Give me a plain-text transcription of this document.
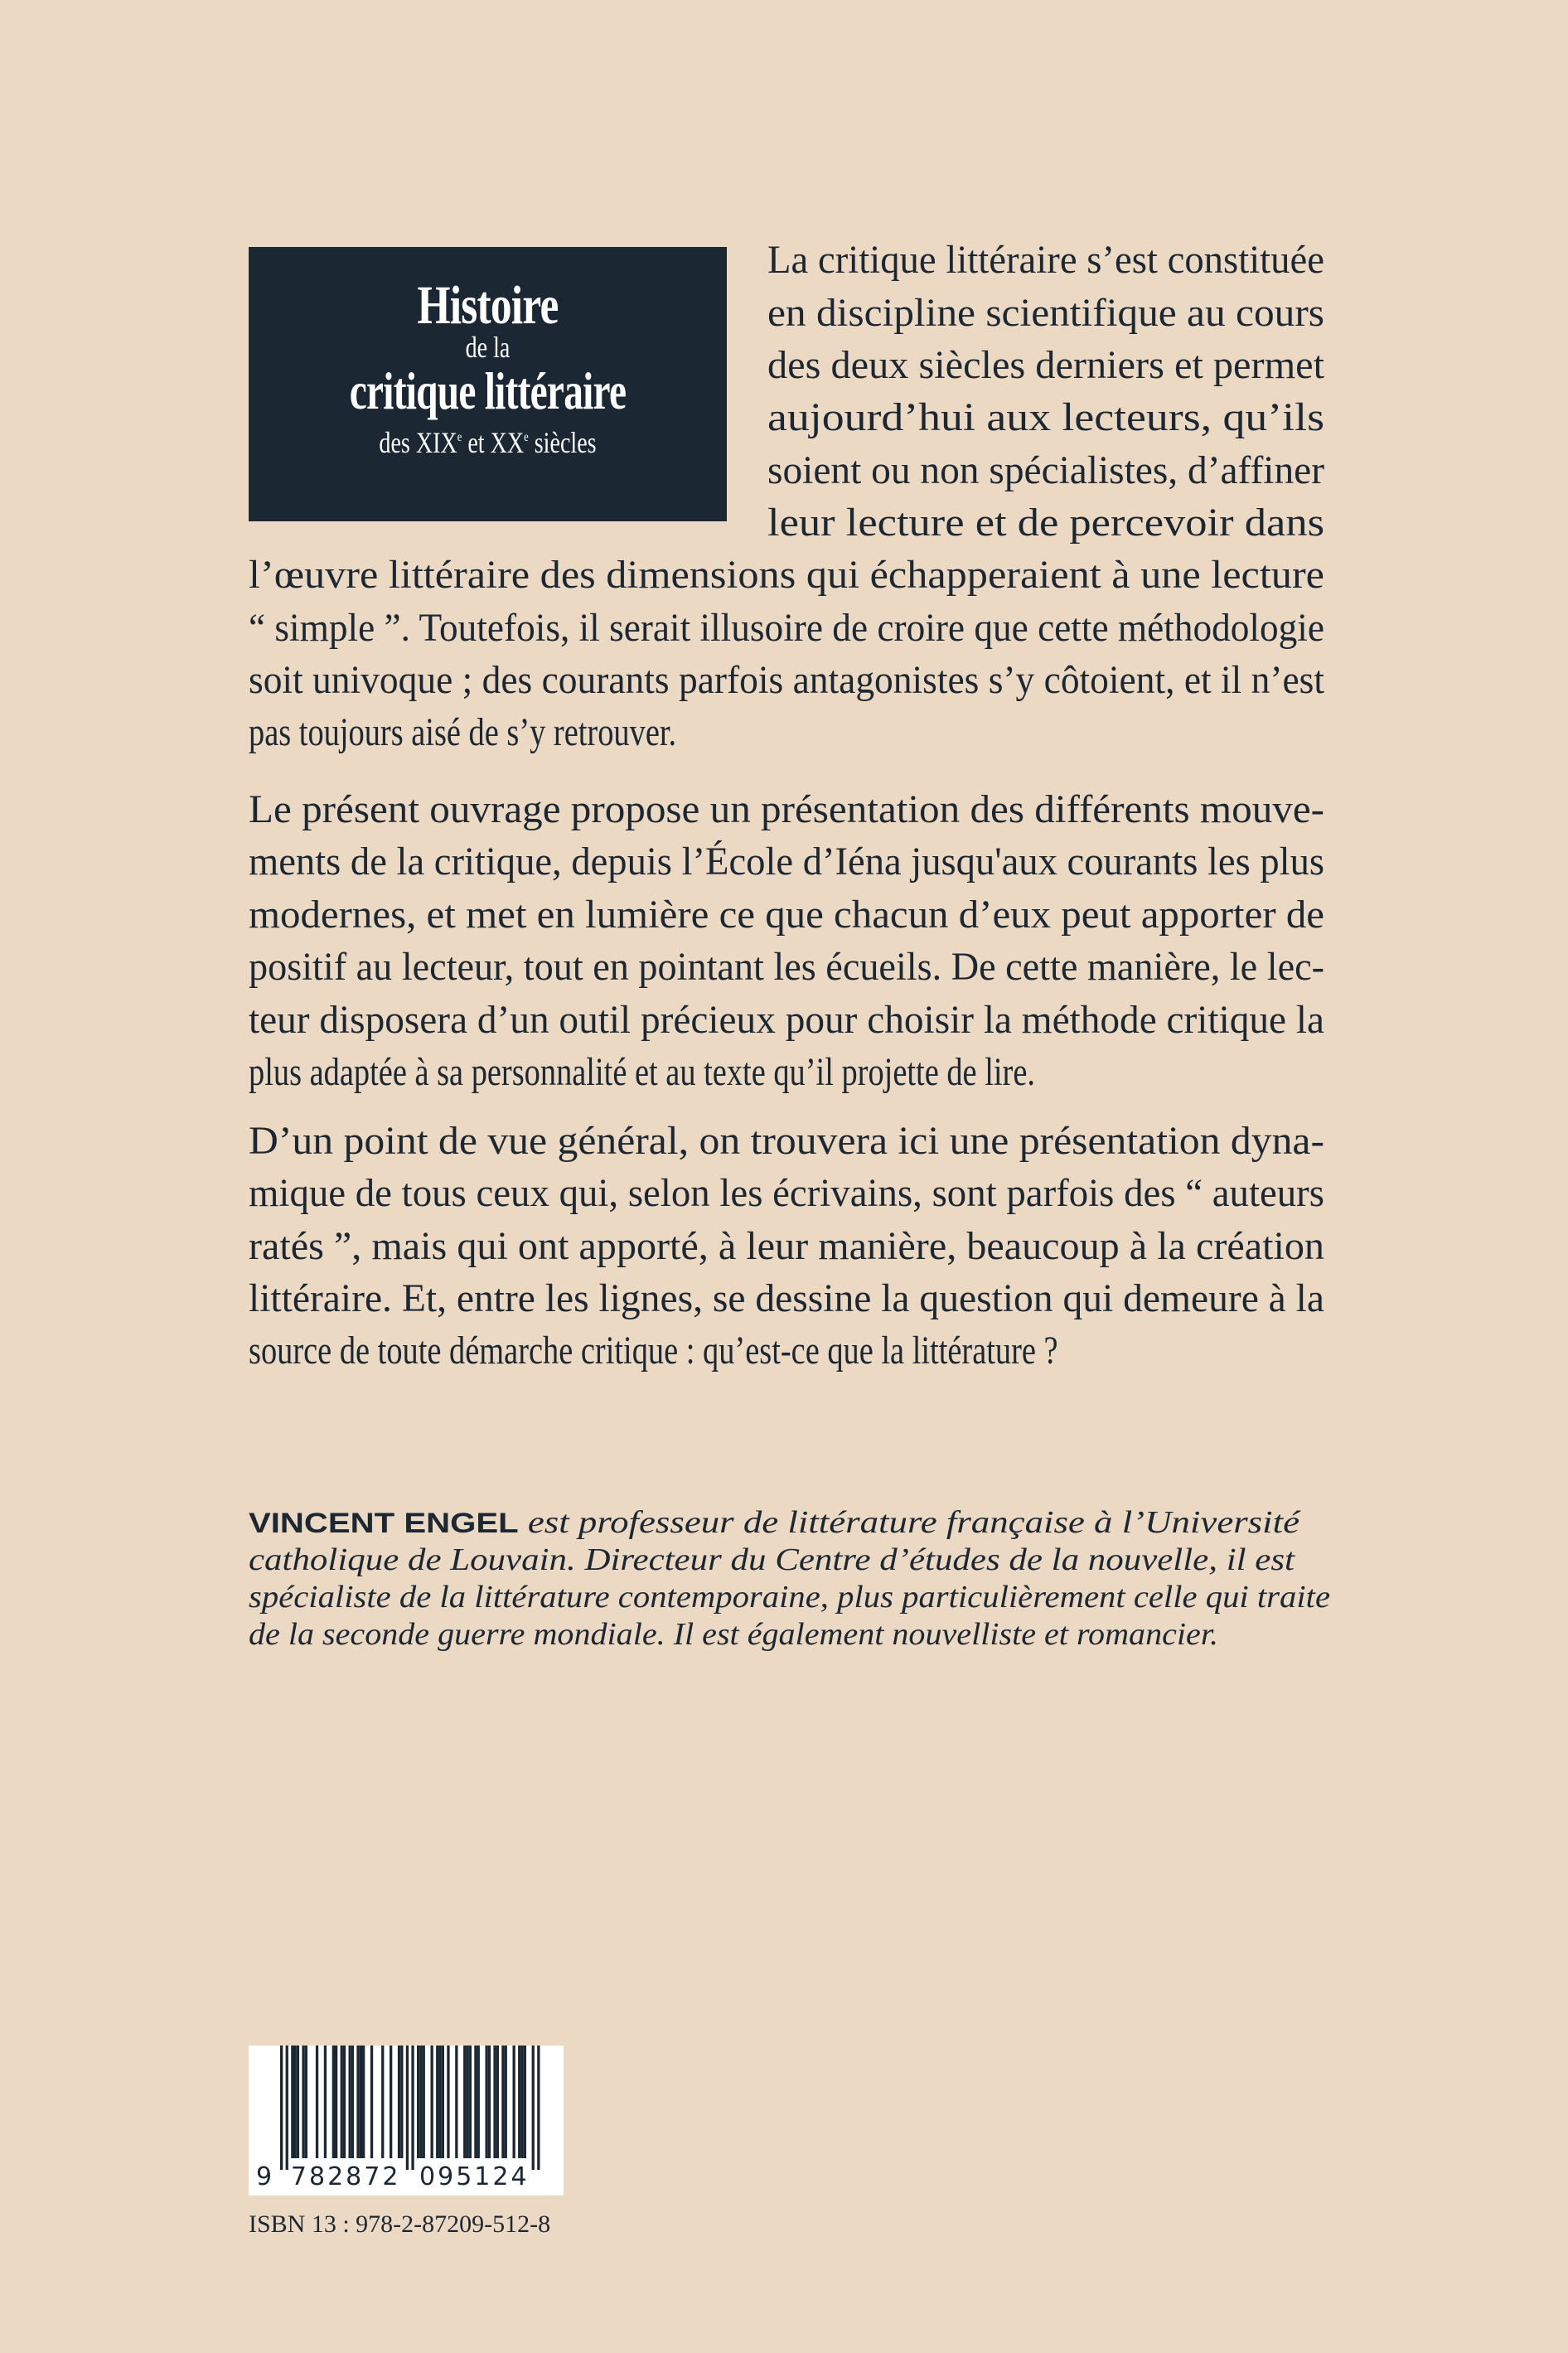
Histoire
de la
critique littéraire
des XIXe et XXe siècles
La critique littéraire s’est constituée
en discipline scientifique au cours
des deux siècles derniers et permet
aujourd’hui aux lecteurs, qu’ils
soient ou non spécialistes, d’affiner
leur lecture et de percevoir dans
l’œuvre littéraire des dimensions qui échapperaient à une lecture
“ simple ”. Toutefois, il serait illusoire de croire que cette méthodologie
soit univoque ; des courants parfois antagonistes s’y côtoient, et il n’est
pas toujours aisé de s’y retrouver.
Le présent ouvrage propose un présentation des différents mouve-
ments de la critique, depuis l’École d’Iéna jusqu'aux courants les plus
modernes, et met en lumière ce que chacun d’eux peut apporter de
positif au lecteur, tout en pointant les écueils. De cette manière, le lec-
teur disposera d’un outil précieux pour choisir la méthode critique la
plus adaptée à sa personnalité et au texte qu’il projette de lire.
D’un point de vue général, on trouvera ici une présentation dyna-
mique de tous ceux qui, selon les écrivains, sont parfois des “ auteurs
ratés ”, mais qui ont apporté, à leur manière, beaucoup à la création
littéraire. Et, entre les lignes, se dessine la question qui demeure à la
source de toute démarche critique : qu’est-ce que la littérature ?
VINCENT ENGEL est professeur de littérature française à l’Université
catholique de Louvain. Directeur du Centre d’études de la nouvelle, il est
spécialiste de la littérature contemporaine, plus particulièrement celle qui traite
de la seconde guerre mondiale. Il est également nouvelliste et romancier.
9 782872 095124
ISBN 13 : 978-2-87209-512-8
